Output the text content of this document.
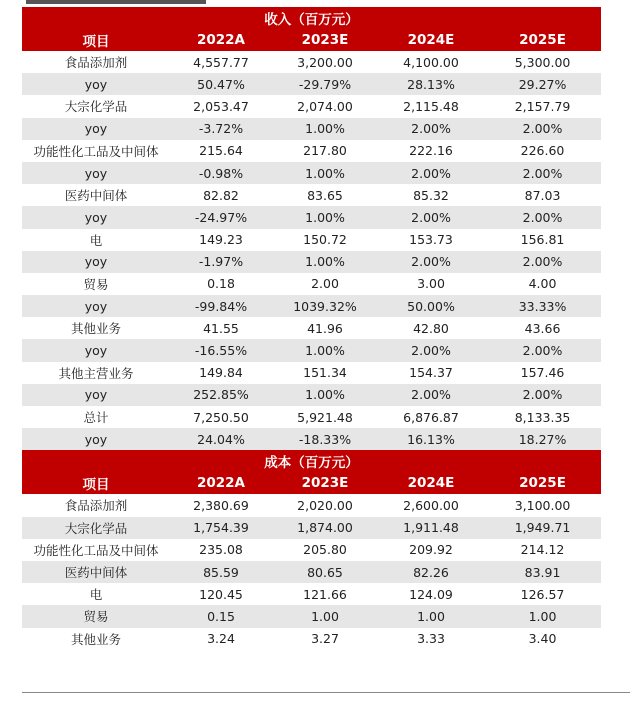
收入（百万元）				
项目	2022A	2023E	2024E	2025E
食品添加剂	4,557.77	3,200.00	4,100.00	5,300.00
yoy	50.47%	-29.79%	28.13%	29.27%
大宗化学品	2,053.47	2,074.00	2,115.48	2,157.79
yoy	-3.72%	1.00%	2.00%	2.00%
功能性化工品及中间体	215.64	217.80	222.16	226.60
yoy	-0.98%	1.00%	2.00%	2.00%
医药中间体	82.82	83.65	85.32	87.03
yoy	-24.97%	1.00%	2.00%	2.00%
电	149.23	150.72	153.73	156.81
yoy	-1.97%	1.00%	2.00%	2.00%
贸易	0.18	2.00	3.00	4.00
yoy	-99.84%	1039.32%	50.00%	33.33%
其他业务	41.55	41.96	42.80	43.66
yoy	-16.55%	1.00%	2.00%	2.00%
其他主营业务	149.84	151.34	154.37	157.46
yoy	252.85%	1.00%	2.00%	2.00%
总计	7,250.50	5,921.48	6,876.87	8,133.35
yoy	24.04%	-18.33%	16.13%	18.27%
成本（百万元）				
项目	2022A	2023E	2024E	2025E
食品添加剂	2,380.69	2,020.00	2,600.00	3,100.00
大宗化学品	1,754.39	1,874.00	1,911.48	1,949.71
功能性化工品及中间体	235.08	205.80	209.92	214.12
医药中间体	85.59	80.65	82.26	83.91
电	120.45	121.66	124.09	126.57
贸易	0.15	1.00	1.00	1.00
其他业务	3.24	3.27	3.33	3.40
